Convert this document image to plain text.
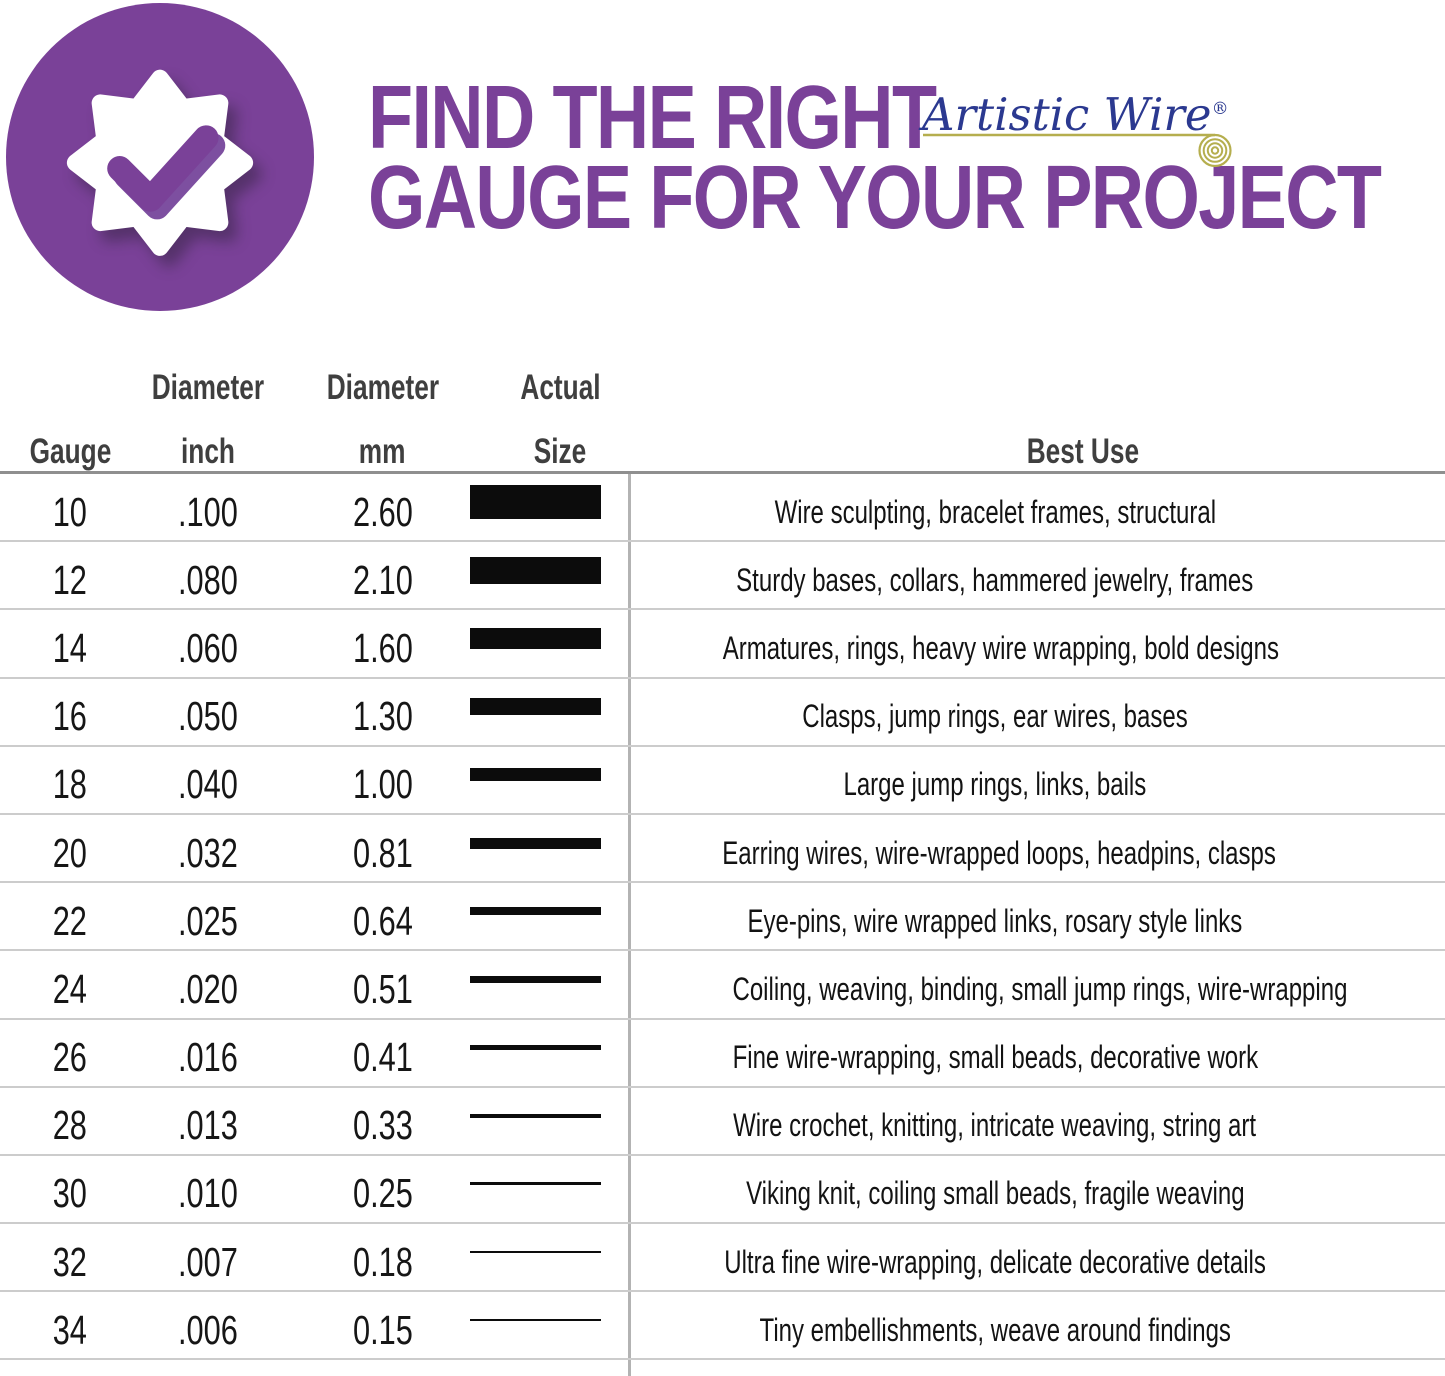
FIND THE RIGHT
GAUGE FOR YOUR PROJECT
Artistic Wire®
Diameter Diameter Actual
Gauge inch	mm	Size	Best Use
10 .100	2.60	Wire sculpting, bracelet frames, structural
12 .080	2.10	Sturdy bases, collars, hammered jewelry, frames
14 .060	1.60	Armatures, rings, heavy wire wrapping, bold designs
16 .050	1.30	Clasps, jump rings, ear wires, bases
18 .040	1.00	Large jump rings, links, bails
20 .032	0.81	Earring wires, wire-wrapped loops, headpins, clasps
22 .025	0.64	Eye-pins, wire wrapped links, rosary style links
24 .020	0.51	Coiling, weaving, binding, small jump rings, wire-wrapping
26 .016	0.41	Fine wire-wrapping, small beads, decorative work
28 .013	0.33	Wire crochet, knitting, intricate weaving, string art
30 .010	0.25	Viking knit, coiling small beads, fragile weaving
32 .007	0.18	Ultra fine wire-wrapping, delicate decorative details
34 .006	0.15	Tiny embellishments, weave around findings
